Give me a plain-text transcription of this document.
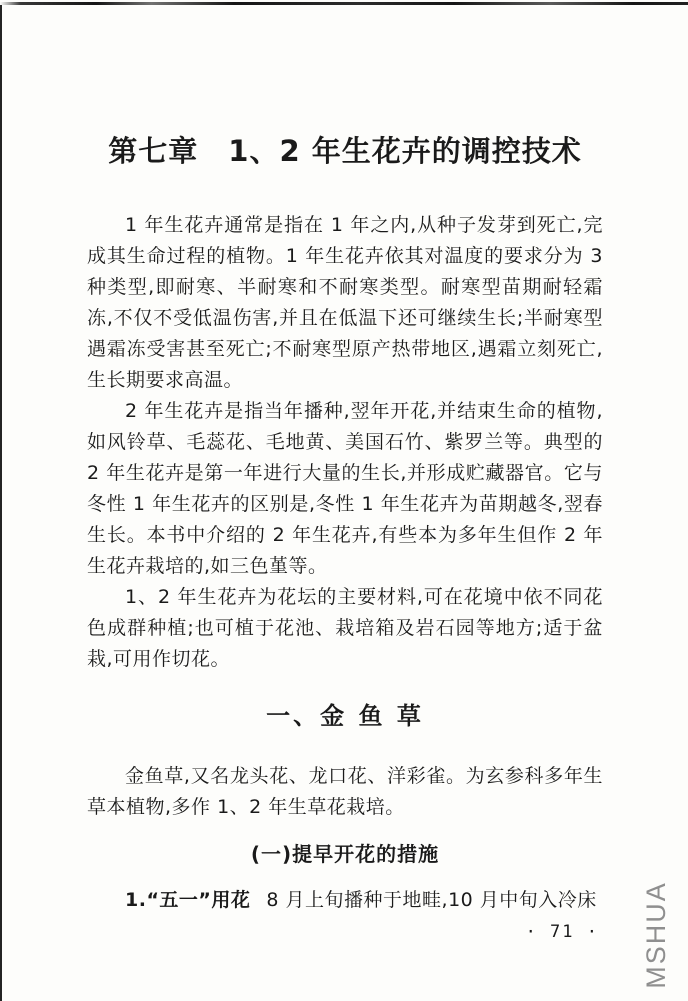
第七章　1、2 年生花卉的调控技术

1 年生花卉通常是指在 1 年之内,从种子发芽到死亡,完成其生命过程的植物。1 年生花卉依其对温度的要求分为 3 种类型,即耐寒、半耐寒和不耐寒类型。耐寒型苗期耐轻霜冻,不仅不受低温伤害,并且在低温下还可继续生长;半耐寒型遇霜冻受害甚至死亡;不耐寒型原产热带地区,遇霜立刻死亡,生长期要求高温。

2 年生花卉是指当年播种,翌年开花,并结束生命的植物,如风铃草、毛蕊花、毛地黄、美国石竹、紫罗兰等。典型的 2 年生花卉是第一年进行大量的生长,并形成贮藏器官。它与冬性 1 年生花卉的区别是,冬性 1 年生花卉为苗期越冬,翌春生长。本书中介绍的 2 年生花卉,有些本为多年生但作 2 年生花卉栽培的,如三色堇等。

1、2 年生花卉为花坛的主要材料,可在花境中依不同花色成群种植;也可植于花池、栽培箱及岩石园等地方;适于盆栽,可用作切花。

一、金 鱼 草

金鱼草,又名龙头花、龙口花、洋彩雀。为玄参科多年生草本植物,多作 1、2 年生草花栽培。

(一)提早开花的措施

1.“五一”用花 8 月上旬播种于地畦,10 月中旬入冷床

· 71 · MSHUA
